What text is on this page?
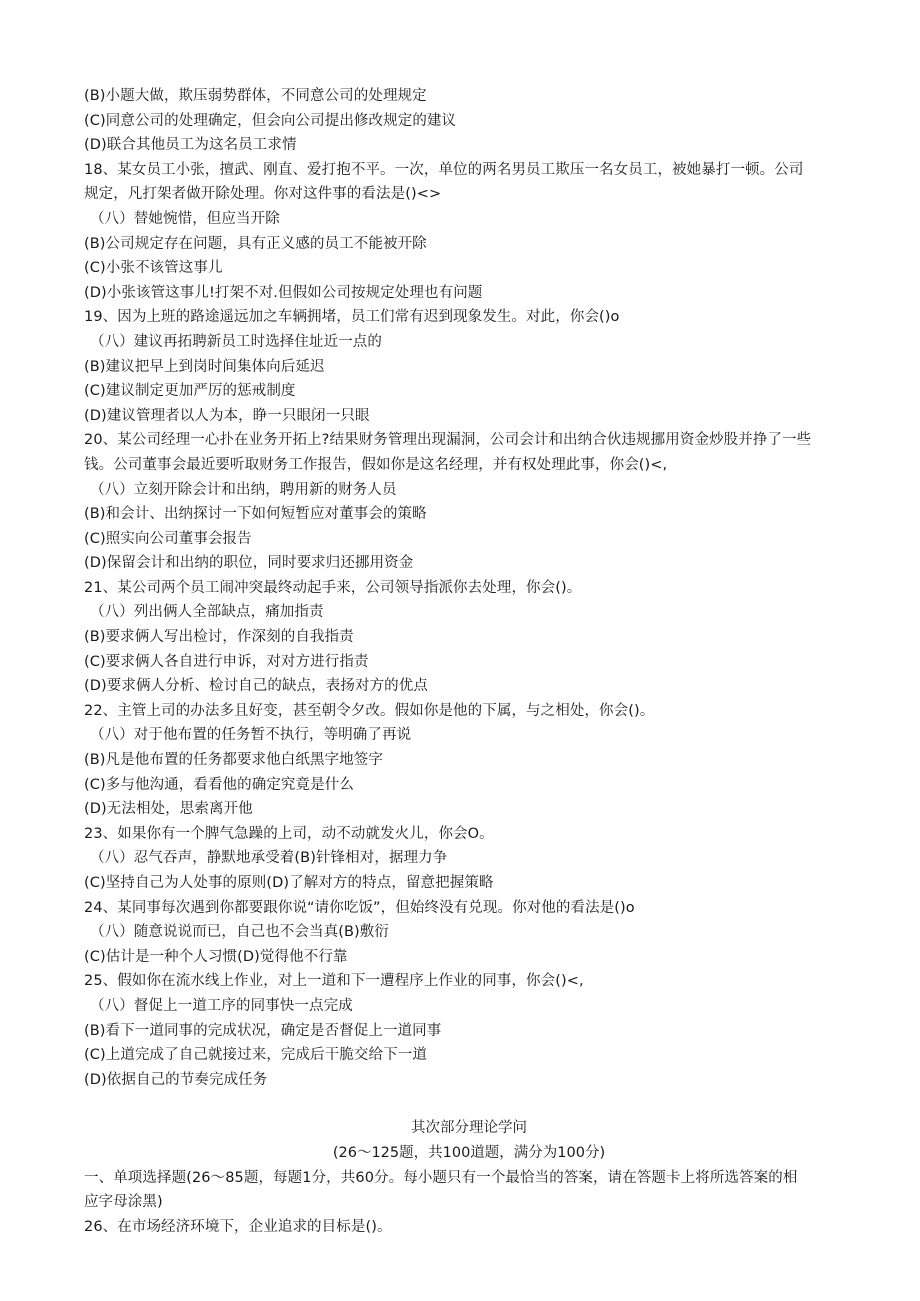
(B)小题大做，欺压弱势群体，不同意公司的处理规定
(C)同意公司的处理确定，但会向公司提出修改规定的建议
(D)联合其他员工为这名员工求情
18、某女员工小张，擅武、刚直、爱打抱不平。一次，单位的两名男员工欺压一名女员工，被她暴打一顿。公司
规定，凡打架者做开除处理。你对这件事的看法是()<>
（八）替她惋惜，但应当开除
(B)公司规定存在问题，具有正义感的员工不能被开除
(C)小张不该管这事儿
(D)小张该管这事儿!打架不对.但假如公司按规定处理也有问题
19、因为上班的路途遥远加之车辆拥堵，员工们常有迟到现象发生。对此，你会()o
（八）建议再拓聘新员工时选择住址近一点的
(B)建议把早上到岗时间集体向后延迟
(C)建议制定更加严厉的惩戒制度
(D)建议管理者以人为本，睁一只眼闭一只眼
20、某公司经理一心扑在业务开拓上?结果财务管理出现漏洞，公司会计和出纳合伙违规挪用资金炒股并挣了一些
钱。公司董事会最近要听取财务工作报告，假如你是这名经理，并有权处理此事，你会()<,
（八）立刻开除会计和出纳，聘用新的财务人员
(B)和会计、出纳探讨一下如何短暂应对董事会的策略
(C)照实向公司董事会报告
(D)保留会计和出纳的职位，同时要求归还挪用资金
21、某公司两个员工闹冲突最终动起手来，公司领导指派你去处理，你会()。
（八）列出俩人全部缺点，痛加指责
(B)要求俩人写出检讨，作深刻的自我指责
(C)要求俩人各自进行申诉，对对方进行指责
(D)要求俩人分析、检讨自己的缺点，表扬对方的优点
22、主管上司的办法多且好变，甚至朝令夕改。假如你是他的下属，与之相处，你会()。
（八）对于他布置的任务暂不执行，等明确了再说
(B)凡是他布置的任务都要求他白纸黑字地签字
(C)多与他沟通，看看他的确定究竟是什么
(D)无法相处，思索离开他
23、如果你有一个脾气急躁的上司，动不动就发火儿，你会O。
（八）忍气吞声，静默地承受着(B)针锋相对，据理力争
(C)坚持自己为人处事的原则(D)了解对方的特点，留意把握策略
24、某同事每次遇到你都要跟你说“请你吃饭”，但始终没有兑现。你对他的看法是()o
（八）随意说说而已，自己也不会当真(B)敷衍
(C)估计是一种个人习惯(D)觉得他不行靠
25、假如你在流水线上作业，对上一道和下一遭程序上作业的同事，你会()<,
（八）督促上一道工序的同事快一点完成
(B)看下一道同事的完成状况，确定是否督促上一道同事
(C)上道完成了自己就接过来，完成后干脆交给下一道
(D)依据自己的节奏完成任务
其次部分理论学问
(26〜125题，共100道题，满分为100分)
一、单项选择题(26〜85题，每题1分，共60分。每小题只有一个最恰当的答案，请在答题卡上将所选答案的相
应字母涂黑)
26、在市场经济环境下，企业追求的目标是()。
